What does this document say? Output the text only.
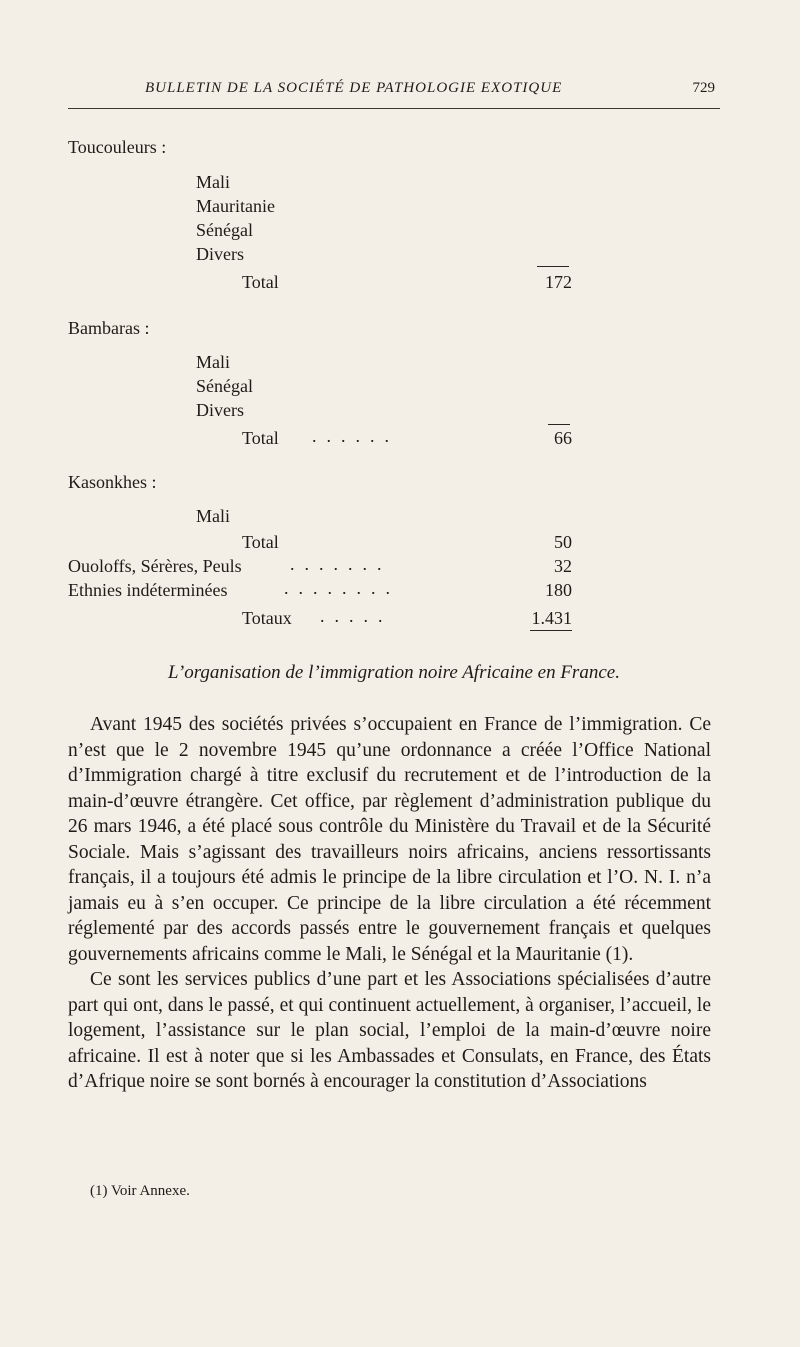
BULLETIN DE LA SOCIÉTÉ DE PATHOLOGIE EXOTIQUE	729
Toucouleurs :
Mali
Mauritanie
Sénégal
Divers
Total	172
Bambaras :
Mali
Sénégal
Divers
Total ......	66
Kasonkhes :
Mali
Total	50
Ouoloffs, Sérères, Peuls	.......	32
Ethnies indéterminées	........	180
Totaux .....	1.431
L’organisation de l’immigration noire Africaine en France.

Avant 1945 des sociétés privées s’occupaient en France de l’immigration. Ce n’est que le 2 novembre 1945 qu’une ordonnance a créée l’Office National d’Immigration chargé à titre exclusif du recrutement et de l’introduction de la main-d’œuvre étrangère. Cet office, par règlement d’administration publique du 26 mars 1946, a été placé sous contrôle du Ministère du Travail et de la Sécurité Sociale. Mais s’agissant des travailleurs noirs africains, anciens ressortissants français, il a toujours été admis le principe de la libre circulation et l’O. N. I. n’a jamais eu à s’en occuper. Ce principe de la libre circulation a été récemment réglementé par des accords passés entre le gouvernement français et quelques gouvernements africains comme le Mali, le Sénégal et la Mauritanie (1).

Ce sont les services publics d’une part et les Associations spécialisées d’autre part qui ont, dans le passé, et qui continuent actuellement, à organiser, l’accueil, le logement, l’assistance sur le plan social, l’emploi de la main-d’œuvre noire africaine. Il est à noter que si les Ambassades et Consulats, en France, des États d’Afrique noire se sont bornés à encourager la constitution d’Associations

(1) Voir Annexe.
